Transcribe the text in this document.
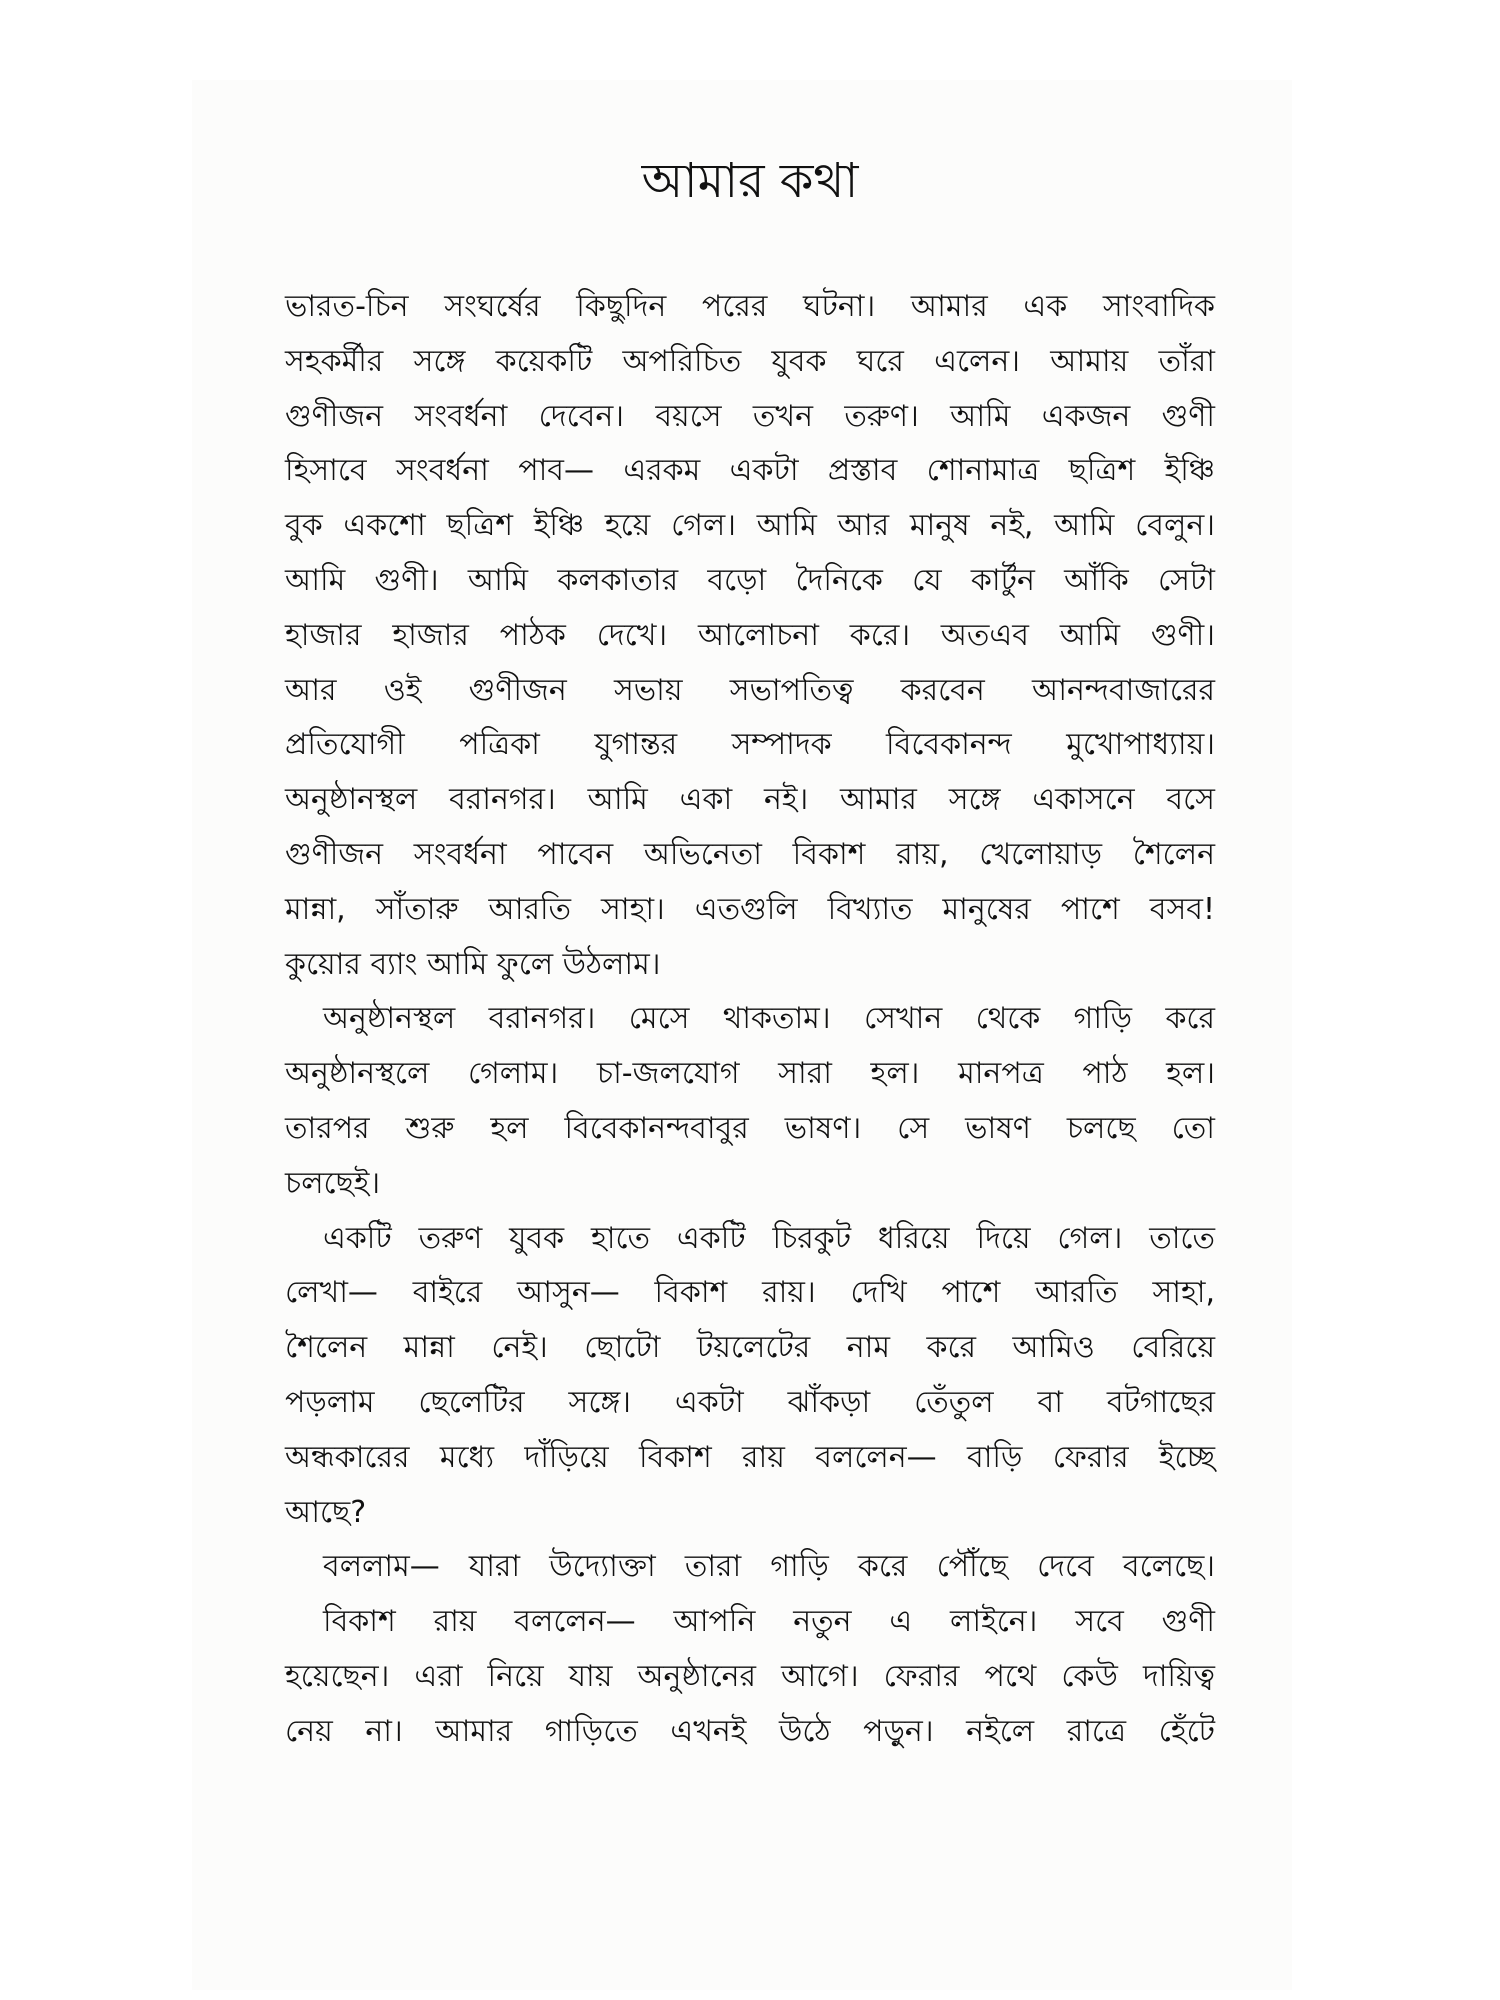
আমার কথা
ভারত-চিন সংঘর্ষের কিছুদিন পরের ঘটনা। আমার এক সাংবাদিক
সহকর্মীর সঙ্গে কয়েকটি অপরিচিত যুবক ঘরে এলেন। আমায় তাঁরা
গুণীজন সংবর্ধনা দেবেন। বয়সে তখন তরুণ। আমি একজন গুণী
হিসাবে সংবর্ধনা পাব— এরকম একটা প্রস্তাব শোনামাত্র ছত্রিশ ইঞ্চি
বুক একশো ছত্রিশ ইঞ্চি হয়ে গেল। আমি আর মানুষ নই, আমি বেলুন।
আমি গুণী। আমি কলকাতার বড়ো দৈনিকে যে কার্টুন আঁকি সেটা
হাজার হাজার পাঠক দেখে। আলোচনা করে। অতএব আমি গুণী।
আর ওই গুণীজন সভায় সভাপতিত্ব করবেন আনন্দবাজারের
প্রতিযোগী পত্রিকা যুগান্তর সম্পাদক বিবেকানন্দ মুখোপাধ্যায়।
অনুষ্ঠানস্থল বরানগর। আমি একা নই। আমার সঙ্গে একাসনে বসে
গুণীজন সংবর্ধনা পাবেন অভিনেতা বিকাশ রায়, খেলোয়াড় শৈলেন
মান্না, সাঁতারু আরতি সাহা। এতগুলি বিখ্যাত মানুষের পাশে বসব!
কুয়োর ব্যাং আমি ফুলে উঠলাম।
অনুষ্ঠানস্থল বরানগর। মেসে থাকতাম। সেখান থেকে গাড়ি করে
অনুষ্ঠানস্থলে গেলাম। চা-জলযোগ সারা হল। মানপত্র পাঠ হল।
তারপর শুরু হল বিবেকানন্দবাবুর ভাষণ। সে ভাষণ চলছে তো
চলছেই।
একটি তরুণ যুবক হাতে একটি চিরকুট ধরিয়ে দিয়ে গেল। তাতে
লেখা— বাইরে আসুন— বিকাশ রায়। দেখি পাশে আরতি সাহা,
শৈলেন মান্না নেই। ছোটো টয়লেটের নাম করে আমিও বেরিয়ে
পড়লাম ছেলেটির সঙ্গে। একটা ঝাঁকড়া তেঁতুল বা বটগাছের
অন্ধকারের মধ্যে দাঁড়িয়ে বিকাশ রায় বললেন— বাড়ি ফেরার ইচ্ছে
আছে?
বললাম— যারা উদ্যোক্তা তারা গাড়ি করে পৌঁছে দেবে বলেছে।
বিকাশ রায় বললেন— আপনি নতুন এ লাইনে। সবে গুণী
হয়েছেন। এরা নিয়ে যায় অনুষ্ঠানের আগে। ফেরার পথে কেউ দায়িত্ব
নেয় না। আমার গাড়িতে এখনই উঠে পড়ুন। নইলে রাত্রে হেঁটে
